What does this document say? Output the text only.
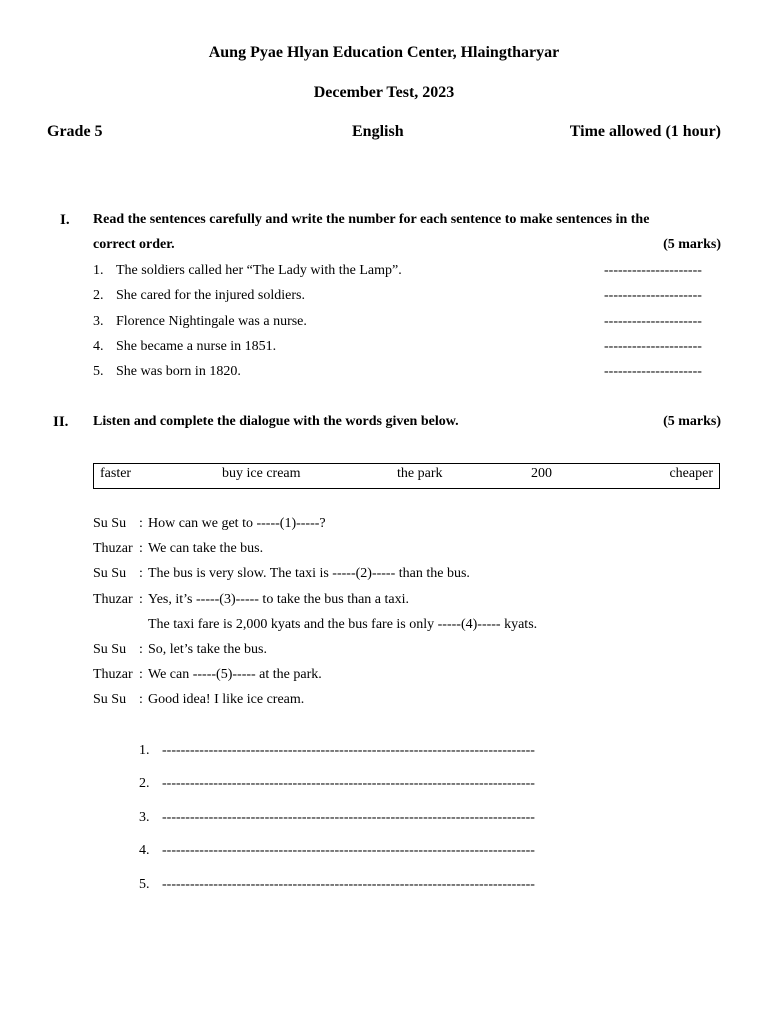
Aung Pyae Hlyan Education Center, Hlaingtharyar
December Test, 2023
Grade 5	English	Time allowed (1 hour)
I. Read the sentences carefully and write the number for each sentence to make sentences in the
correct order.	(5 marks)
1. The soldiers called her “The Lady with the Lamp”.	---------------------
2. She cared for the injured soldiers.	---------------------
3. Florence Nightingale was a nurse.	---------------------
4. She became a nurse in 1851.	---------------------
5. She was born in 1820.	---------------------
II. Listen and complete the dialogue with the words given below.	(5 marks)
faster	buy ice cream	the park	200	cheaper
Su Su : How can we get to -----(1)-----?
Thuzar : We can take the bus.
Su Su : The bus is very slow. The taxi is -----(2)----- than the bus.
Thuzar : Yes, it’s -----(3)----- to take the bus than a taxi.
The taxi fare is 2,000 kyats and the bus fare is only -----(4)----- kyats.
Su Su : So, let’s take the bus.
Thuzar : We can -----(5)----- at the park.
Su Su : Good idea! I like ice cream.
1. --------------------------------------------------------------------------------
2. --------------------------------------------------------------------------------
3. --------------------------------------------------------------------------------
4. --------------------------------------------------------------------------------
5. --------------------------------------------------------------------------------
